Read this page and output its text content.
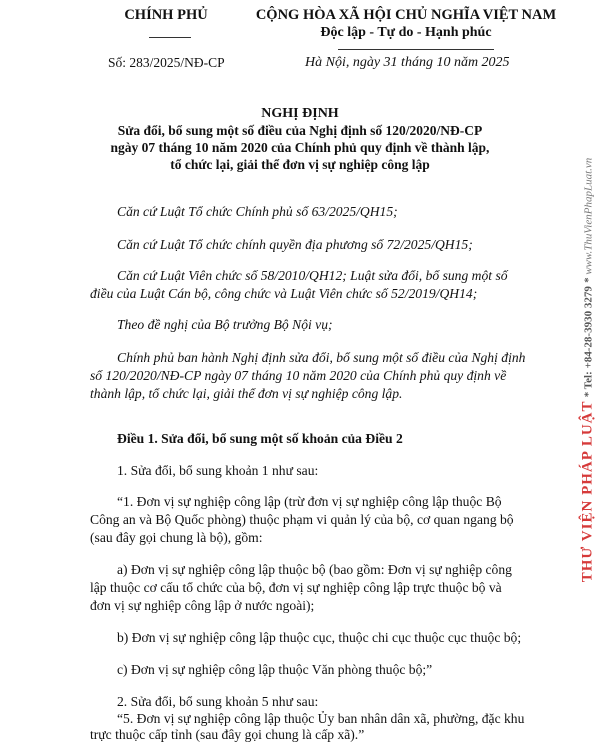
CHÍNH PHỦ	CỘNG HÒA XÃ HỘI CHỦ NGHĨA VIỆT NAM
Độc lập - Tự do - Hạnh phúc
Số: 283/2025/NĐ-CP	Hà Nội, ngày 31 tháng 10 năm 2025
NGHỊ ĐỊNH
Sửa đổi, bổ sung một số điều của Nghị định số 120/2020/NĐ-CP
ngày 07 tháng 10 năm 2020 của Chính phủ quy định về thành lập,
tổ chức lại, giải thể đơn vị sự nghiệp công lập
Căn cứ Luật Tổ chức Chính phủ số 63/2025/QH15;
Căn cứ Luật Tổ chức chính quyền địa phương số 72/2025/QH15;
Căn cứ Luật Viên chức số 58/2010/QH12; Luật sửa đổi, bổ sung một số
điều của Luật Cán bộ, công chức và Luật Viên chức số 52/2019/QH14;
Theo đề nghị của Bộ trưởng Bộ Nội vụ;
Chính phủ ban hành Nghị định sửa đổi, bổ sung một số điều của Nghị định
số 120/2020/NĐ-CP ngày 07 tháng 10 năm 2020 của Chính phủ quy định về
thành lập, tổ chức lại, giải thể đơn vị sự nghiệp công lập.
Điều 1. Sửa đổi, bổ sung một số khoản của Điều 2
1. Sửa đổi, bổ sung khoản 1 như sau:
“1. Đơn vị sự nghiệp công lập (trừ đơn vị sự nghiệp công lập thuộc Bộ
Công an và Bộ Quốc phòng) thuộc phạm vi quản lý của bộ, cơ quan ngang bộ
(sau đây gọi chung là bộ), gồm:
a) Đơn vị sự nghiệp công lập thuộc bộ (bao gồm: Đơn vị sự nghiệp công
lập thuộc cơ cấu tổ chức của bộ, đơn vị sự nghiệp công lập trực thuộc bộ và
đơn vị sự nghiệp công lập ở nước ngoài);
b) Đơn vị sự nghiệp công lập thuộc cục, thuộc chi cục thuộc cục thuộc bộ;
c) Đơn vị sự nghiệp công lập thuộc Văn phòng thuộc bộ;”
2. Sửa đổi, bổ sung khoản 5 như sau:
“5. Đơn vị sự nghiệp công lập thuộc Ủy ban nhân dân xã, phường, đặc khu
trực thuộc cấp tỉnh (sau đây gọi chung là cấp xã).”
THƯ VIỆN PHÁP LUẬT * Tel: +84-28-3930 3279 * www.ThuVienPhapLuat.vn
